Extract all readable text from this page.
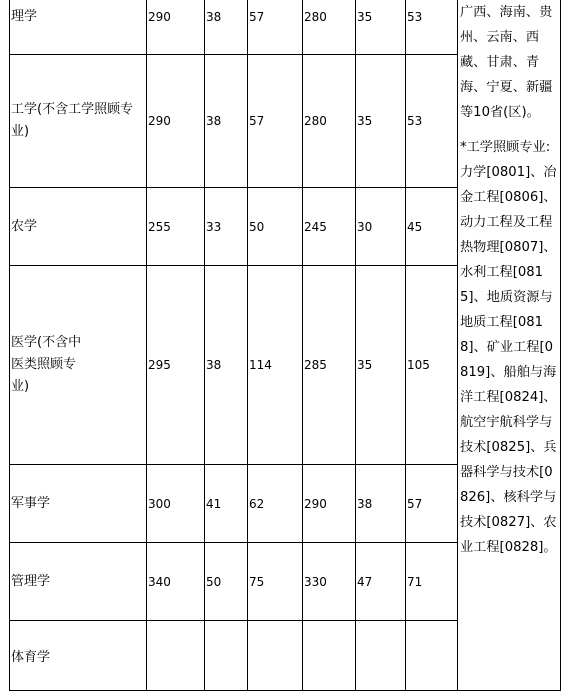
理学	290	38	57	280	35	53	广西、海南、贵州、云南、西藏、甘肃、青海、宁夏、新疆等10省(区)。
*工学照顾专业:力学[0801]、冶金工程[0806]、动力工程及工程热物理[0807]、水利工程[0815]、地质资源与地质工程[0818]、矿业工程[0819]、船舶与海洋工程[0824]、航空宇航科学与技术[0825]、兵器科学与技术[0826]、核科学与技术[0827]、农业工程[0828]。

工学(不含工学照顾专业)	290	38	57	280	35	53	
农学	255	33	50	245	30	45	
医学(不含中医类照顾专业)	295	38	114	285	35	105	
军事学	300	41	62	290	38	57	
管理学	340	50	75	330	47	71	
体育学							
